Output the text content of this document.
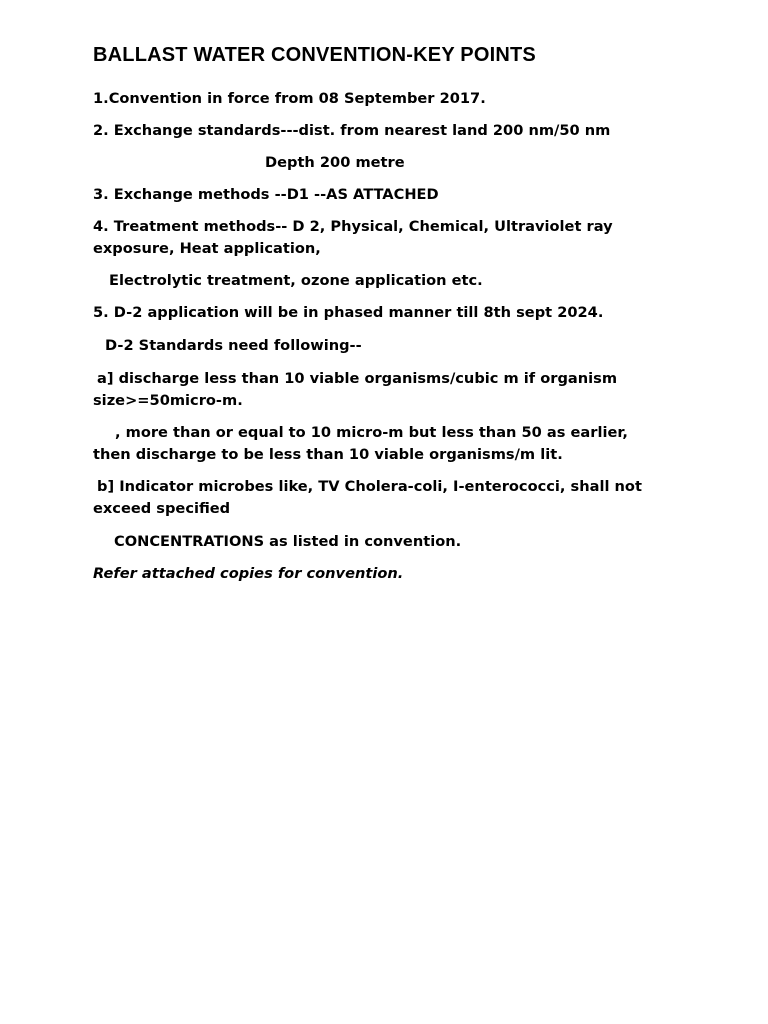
BALLAST WATER CONVENTION-KEY POINTS

1.Convention in force from 08 September 2017.

2. Exchange standards---dist. from nearest land 200 nm/50 nm

Depth 200 metre

3. Exchange methods --D1 --AS ATTACHED

4. Treatment methods-- D 2, Physical, Chemical, Ultraviolet ray exposure, Heat application,

Electrolytic treatment, ozone application etc.

5. D-2 application will be in phased manner till 8th sept 2024.

D-2 Standards need following--

a] discharge less than 10 viable organisms/cubic m if organism size>=50micro-m.

, more than or equal to 10 micro-m but less than 50 as earlier, then discharge to be less than 10 viable organisms/m lit.

b] Indicator microbes like, TV Cholera-coli, I-enterococci, shall not exceed specified

CONCENTRATIONS as listed in convention.

Refer attached copies for convention.
